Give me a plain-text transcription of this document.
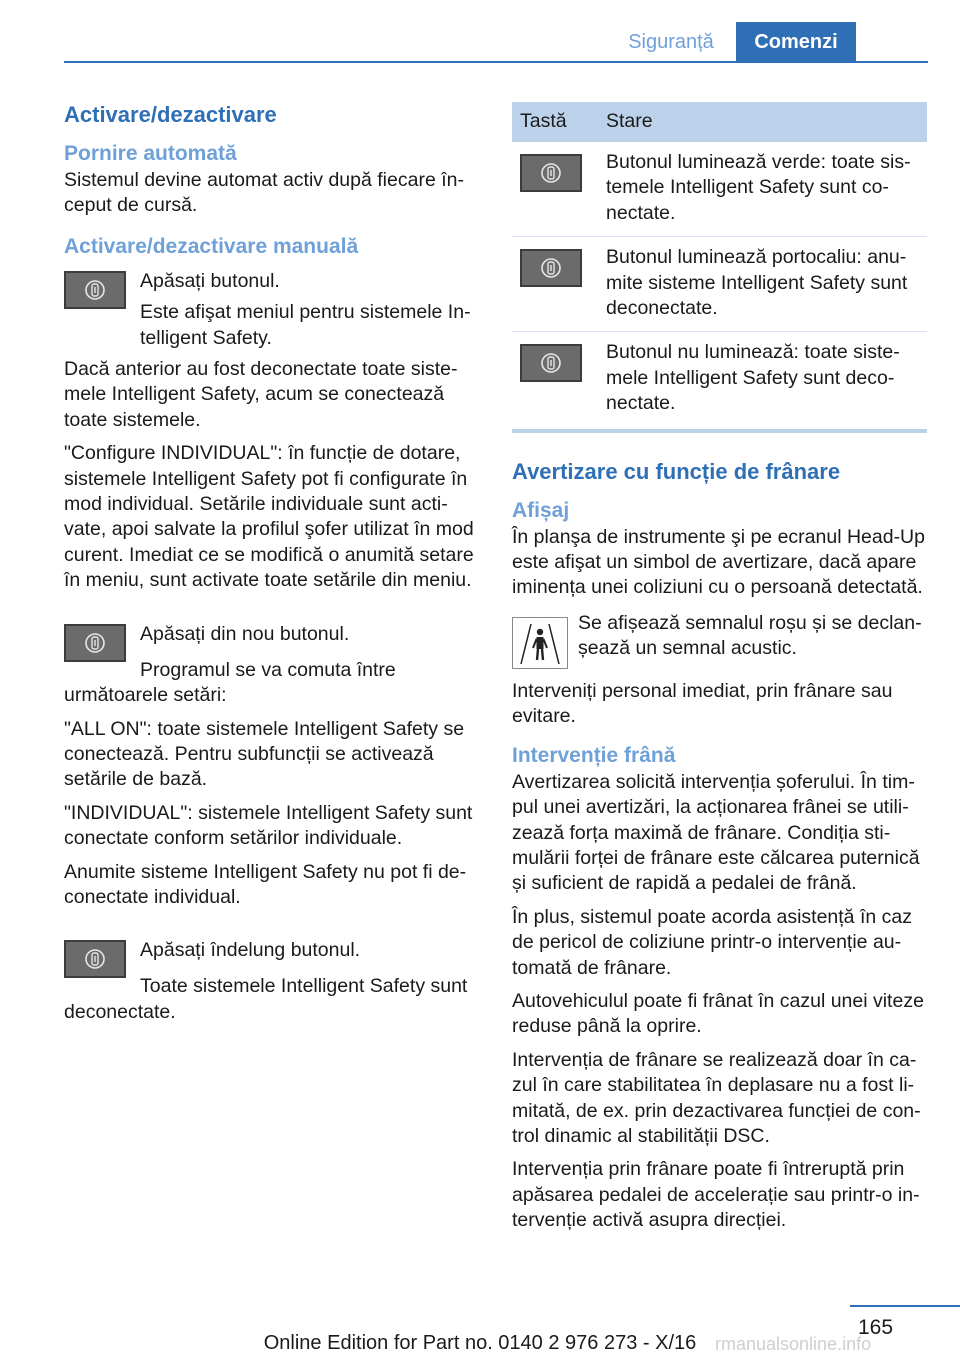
Siguranță	Comenzi
Activare/dezactivare
Pornire automată

Sistemul devine automat activ după fiecare început de cursă.

Activare/dezactivare manuală
Apăsați butonul.
Este afişat meniul pentru sistemele Intelligent Safety.

Dacă anterior au fost deconectate toate sistemele Intelligent Safety, acum se conectează toate sistemele.

"Configure INDIVIDUAL": în funcție de dotare, sistemele Intelligent Safety pot fi configurate în mod individual. Setările individuale sunt activate, apoi salvate la profilul şofer utilizat în mod curent. Imediat ce se modifică o anumită setare în meniu, sunt activate toate setările din meniu.

Apăsați din nou butonul.

Programul se va comuta între următoarele setări:

"ALL ON": toate sistemele Intelligent Safety se conectează. Pentru subfuncții se activează setările de bază.

"INDIVIDUAL": sistemele Intelligent Safety sunt conectate conform setărilor individuale.

Anumite sisteme Intelligent Safety nu pot fi deconectate individual.

Apăsați îndelung butonul.

Toate sistemele Intelligent Safety sunt deconectate.

Tastă	Stare

	Butonul luminează verde: toate sistemele Intelligent Safety sunt conectate.

	Butonul luminează portocaliu: anumite sisteme Intelligent Safety sunt deconectate.

	Butonul nu luminează: toate sistemele Intelligent Safety sunt deconectate.
Avertizare cu funcție de frânare
Afișaj

În planşa de instrumente şi pe ecranul Head-Up este afişat un simbol de avertizare, dacă apare iminența unei coliziuni cu o persoană detectată.

Se afișează semnalul roșu și se declanșează un semnal acustic.

Interveniți personal imediat, prin frânare sau evitare.

Intervenție frână

Avertizarea solicită intervenția șoferului. În timpul unei avertizări, la acționarea frânei se utilizează forța maximă de frânare. Condiția stimulării forței de frânare este călcarea puternică și suficient de rapidă a pedalei de frână.

În plus, sistemul poate acorda asistență în caz de pericol de coliziune printr-o intervenție automată de frânare.

Autovehiculul poate fi frânat în cazul unei viteze reduse până la oprire.

Intervenția de frânare se realizează doar în cazul în care stabilitatea în deplasare nu a fost limitată, de ex. prin dezactivarea funcției de control dinamic al stabilității DSC.

Intervenția prin frânare poate fi întreruptă prin apăsarea pedalei de accelerație sau printr-o intervenție activă asupra direcției.

165
Online Edition for Part no. 0140 2 976 273 - X/16	rmanualsonline.info
